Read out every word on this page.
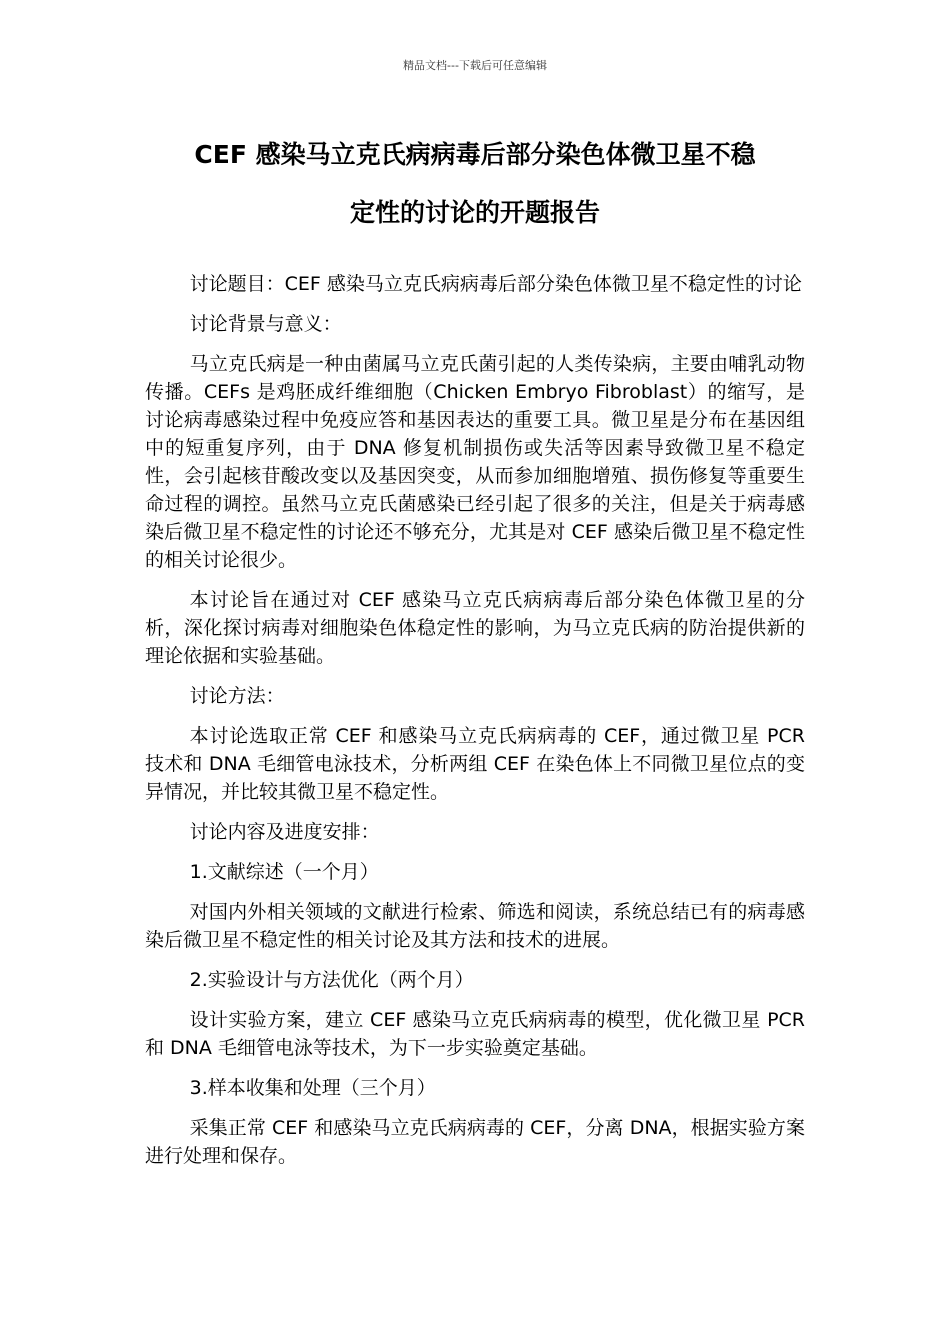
精品文档---下载后可任意编辑
CEF 感染马立克氏病病毒后部分染色体微卫星不稳
定性的讨论的开题报告

讨论题目：CEF 感染马立克氏病病毒后部分染色体微卫星不稳定性的讨论

讨论背景与意义：

马立克氏病是一种由菌属马立克氏菌引起的人类传染病，主要由哺乳动物传播。CEFs 是鸡胚成纤维细胞（Chicken Embryo Fibroblast）的缩写，是讨论病毒感染过程中免疫应答和基因表达的重要工具。微卫星是分布在基因组中的短重复序列，由于 DNA 修复机制损伤或失活等因素导致微卫星不稳定性，会引起核苷酸改变以及基因突变，从而参加细胞增殖、损伤修复等重要生命过程的调控。虽然马立克氏菌感染已经引起了很多的关注，但是关于病毒感染后微卫星不稳定性的讨论还不够充分，尤其是对 CEF 感染后微卫星不稳定性的相关讨论很少。

本讨论旨在通过对 CEF 感染马立克氏病病毒后部分染色体微卫星的分析，深化探讨病毒对细胞染色体稳定性的影响，为马立克氏病的防治提供新的理论依据和实验基础。

讨论方法：

本讨论选取正常 CEF 和感染马立克氏病病毒的 CEF，通过微卫星 PCR 技术和 DNA 毛细管电泳技术，分析两组 CEF 在染色体上不同微卫星位点的变异情况，并比较其微卫星不稳定性。

讨论内容及进度安排：

1.文献综述（一个月）

对国内外相关领域的文献进行检索、筛选和阅读，系统总结已有的病毒感染后微卫星不稳定性的相关讨论及其方法和技术的进展。

2.实验设计与方法优化（两个月）

设计实验方案，建立 CEF 感染马立克氏病病毒的模型，优化微卫星 PCR 和 DNA 毛细管电泳等技术，为下一步实验奠定基础。

3.样本收集和处理（三个月）

采集正常 CEF 和感染马立克氏病病毒的 CEF，分离 DNA，根据实验方案进行处理和保存。
